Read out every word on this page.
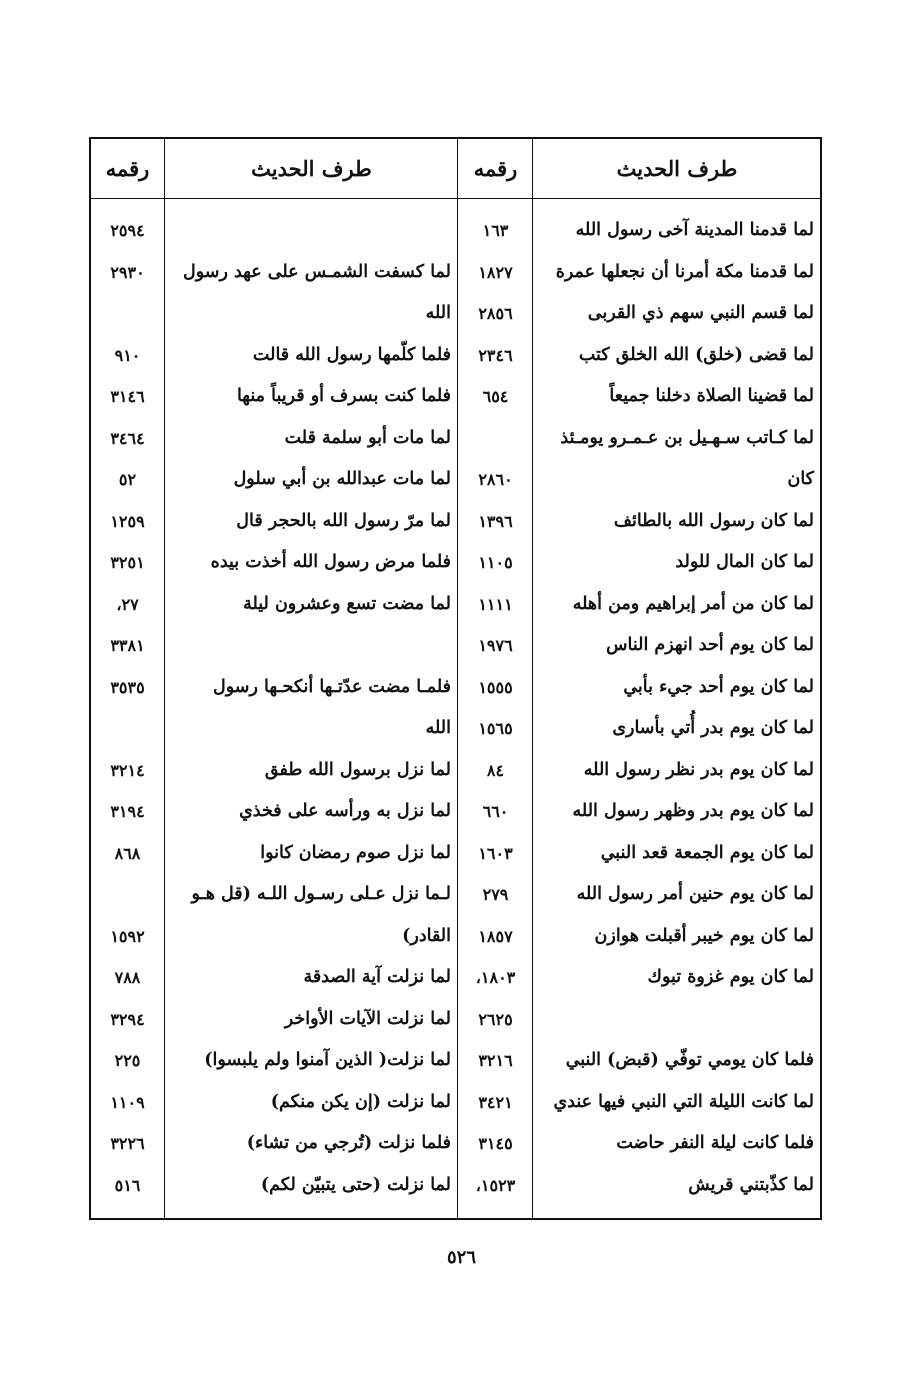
طرف الحديث
رقمه
طرف الحديث
رقمه
لما قدمنا المدينة آخى رسول الله
لما قدمنا مكة أمرنا أن نجعلها عمرة
لما قسم النبي سهم ذي القربى
لما قضى (خلق) الله الخلق كتب
لما قضينا الصلاة دخلنا جميعاً
لما كـاتب سـهـيل بن عـمـرو يومـئذ
كان
لما كان رسول الله بالطائف
لما كان المال للولد
لما كان من أمر إبراهيم ومن أهله
لما كان يوم أحد انهزم الناس
لما كان يوم أحد جيء بأبي
لما كان يوم بدر أُتي بأسارى
لما كان يوم بدر نظر رسول الله
لما كان يوم بدر وظهر رسول الله
لما كان يوم الجمعة قعد النبي
لما كان يوم حنين أمر رسول الله
لما كان يوم خيبر أقبلت هوازن
لما كان يوم غزوة تبوك
فلما كان يومي توفّي (قبض) النبي
لما كانت الليلة التي النبي فيها عندي
فلما كانت ليلة النفر حاضت
لما كذّبتني قريش
١٦٣
١٨٢٧
٢٨٥٦
٢٣٤٦
٦٥٤
٢٨٦٠
١٣٩٦
١١٠٥
١١١١
١٩٧٦
١٥٥٥
١٥٦٥
٨٤
٦٦٠
١٦٠٣
٢٧٩
١٨٥٧
١٨٠٣،
٢٦٢٥
٣٢١٦
٣٤٢١
٣١٤٥
١٥٢٣،
لما كسفت الشمـس على عهد رسول
الله
فلما كلّمها رسول الله قالت
فلما كنت بسرف أو قريباً منها
لما مات أبو سلمة قلت
لما مات عبدالله بن أبي سلول
لما مرّ رسول الله بالحجر قال
فلما مرض رسول الله أخذت بيده
لما مضت تسع وعشرون ليلة
فلمـا مضت عدّتـها أنكحـها رسول
الله
لما نزل برسول الله طفق
لما نزل به ورأسه على فخذي
لما نزل صوم رمضان كانوا
لـما نزل عـلى رسـول اللـه (قل هـو
القادر)
لما نزلت آية الصدقة
لما نزلت الآيات الأواخر
لما نزلت( الذين آمنوا ولم يلبسوا)
لما نزلت (إن يكن منكم)
فلما نزلت (تُرجي من تشاء)
لما نزلت (حتى يتبيّن لكم)
٢٥٩٤
٢٩٣٠
٩١٠
٣١٤٦
٣٤٦٤
٥٢
١٢٥٩
٣٢٥١
٢٧،
٣٣٨١
٣٥٣٥
٣٢١٤
٣١٩٤
٨٦٨
١٥٩٢
٧٨٨
٣٢٩٤
٢٢٥
١١٠٩
٣٢٢٦
٥١٦
٥٢٦
